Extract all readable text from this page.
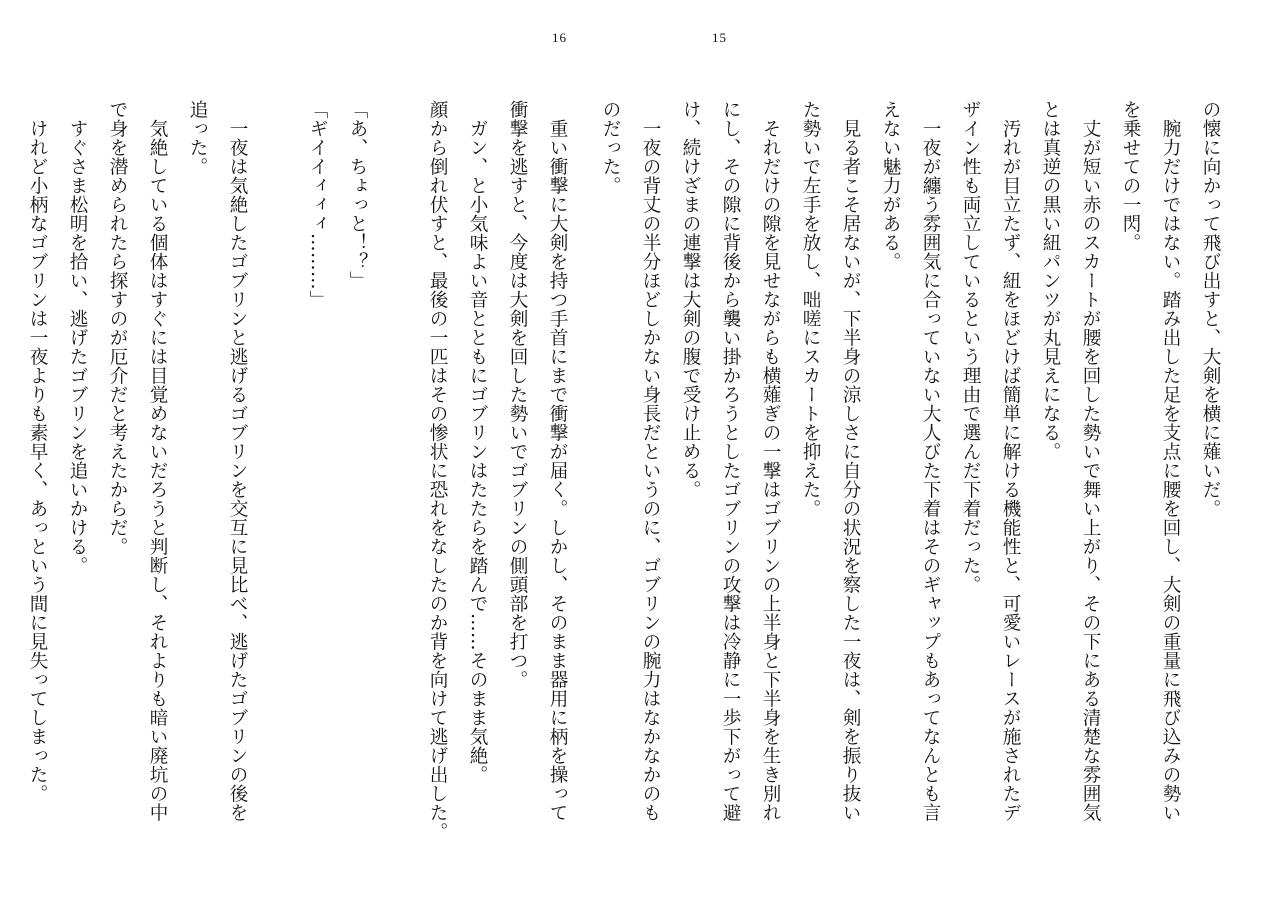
16
　重い衝撃に大剣を持つ手首にまで衝撃が届く。しかし、そのまま器用に柄を操って
衝撃を逃すと、今度は大剣を回した勢いでゴブリンの側頭部を打つ。
　ガン、と小気味よい音とともにゴブリンはたたらを踏んで……そのまま気絶。
顔から倒れ伏すと、最後の一匹はその惨状に恐れをなしたのか背を向けて逃げ出した。
「あ、ちょっと！？」
「ギイイィィィ………」
　一夜は気絶したゴブリンと逃げるゴブリンを交互に見比べ、逃げたゴブリンの後を
追った。
　気絶している個体はすぐには目覚めないだろうと判断し、それよりも暗い廃坑の中
で身を潜められたら探すのが厄介だと考えたからだ。
　すぐさま松明を拾い、逃げたゴブリンを追いかける。
　けれど小柄なゴブリンは一夜よりも素早く、あっという間に見失ってしまった。
15
の懐に向かって飛び出すと、大剣を横に薙いだ。
　腕力だけではない。踏み出した足を支点に腰を回し、大剣の重量に飛び込みの勢い
を乗せての一閃。
　丈が短い赤のスカートが腰を回した勢いで舞い上がり、その下にある清楚な雰囲気
とは真逆の黒い紐パンツが丸見えになる。
　汚れが目立たず、紐をほどけば簡単に解ける機能性と、可愛いレースが施されたデ
ザイン性も両立しているという理由で選んだ下着だった。
　一夜が纏う雰囲気に合っていない大人びた下着はそのギャップもあってなんとも言
えない魅力がある。
　見る者こそ居ないが、下半身の涼しさに自分の状況を察した一夜は、剣を振り抜い
た勢いで左手を放し、咄嗟にスカートを抑えた。
　それだけの隙を見せながらも横薙ぎの一撃はゴブリンの上半身と下半身を生き別れ
にし、その隙に背後から襲い掛かろうとしたゴブリンの攻撃は冷静に一歩下がって避
け、続けざまの連撃は大剣の腹で受け止める。
　一夜の背丈の半分ほどしかない身長だというのに、ゴブリンの腕力はなかなかのも
のだった。
